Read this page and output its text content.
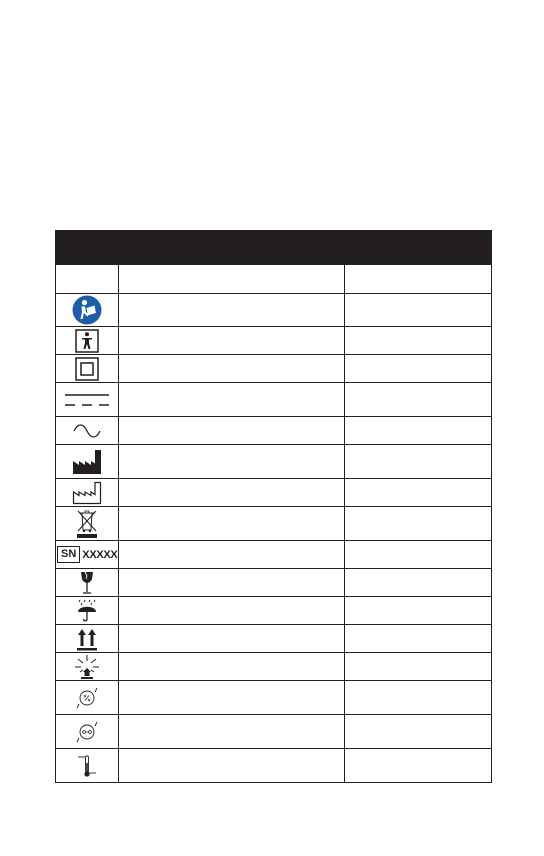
SN XXXXX		
